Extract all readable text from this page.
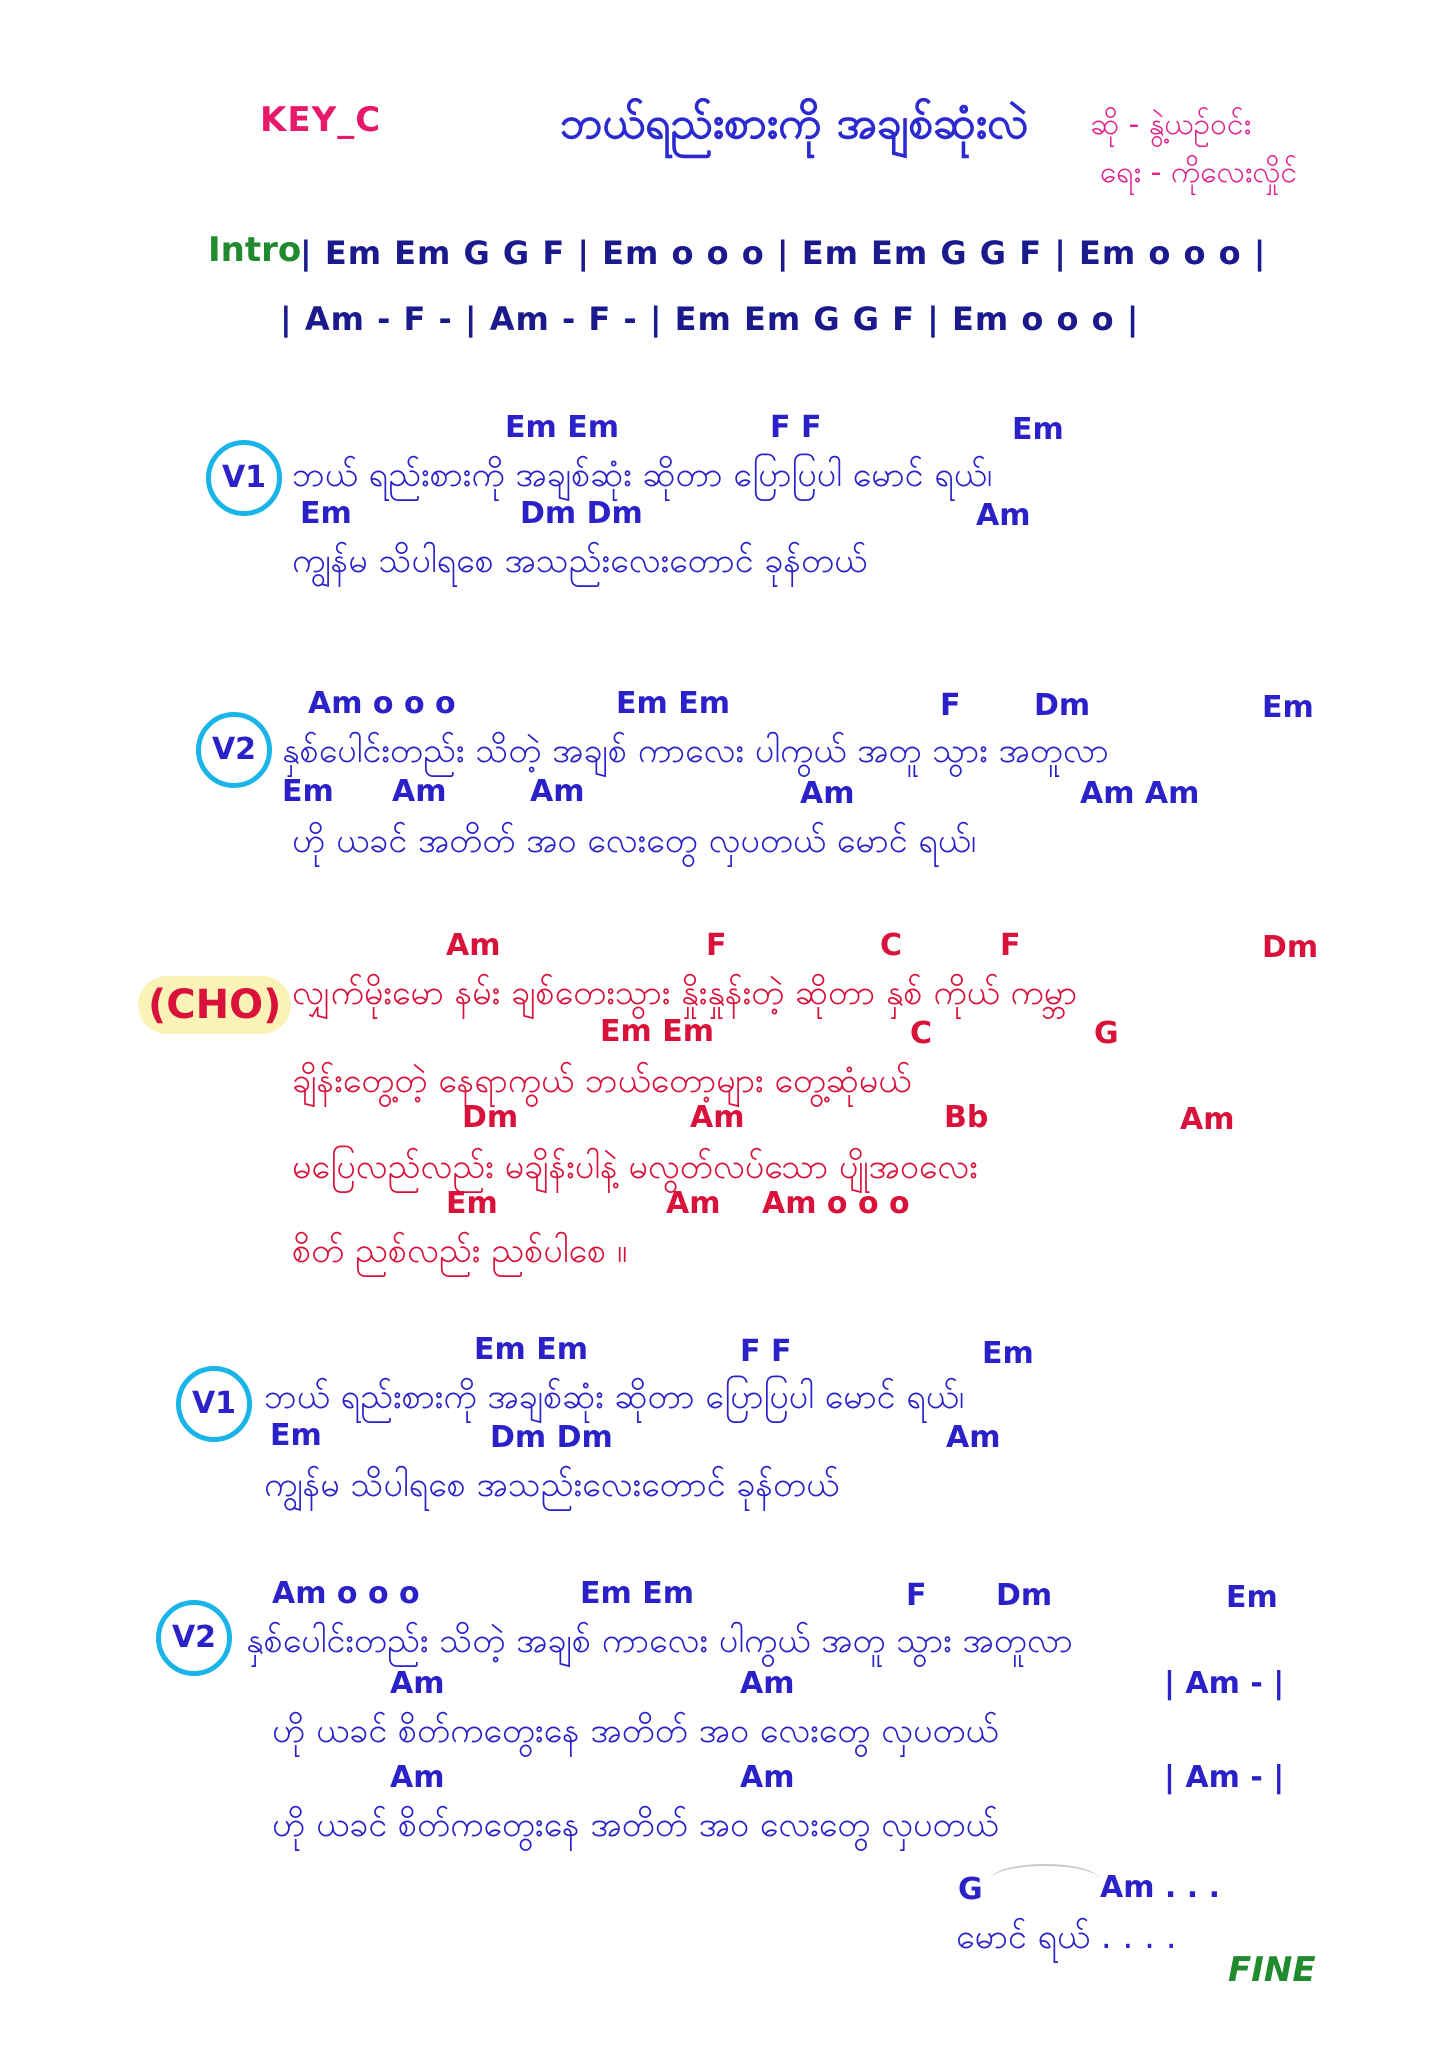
KEY_C	ဘယ်ရည်းစားကို အချစ်ဆုံးလဲ ဆို - နွဲ့ယဉ်ဝင်း
ရေး - ကိုလေးလှိုင်
Intro
| Em Em G G F | Em o o o | Em Em G G F | Em o o o |
| Am - F - | Am - F - | Em Em G G F | Em o o o |
V1
Em Em	F F	Em
ဘယ် ရည်းစားကို အချစ်ဆုံး ဆိုတာ ပြောပြပါ မောင် ရယ်၊
Em	Dm Dm	Am
ကျွန်မ သိပါရစေ အသည်းလေးတောင် ခုန်တယ်
V2
Am o o o	Em Em	F Dm	Em
နှစ်ပေါင်းတည်း သိတဲ့ အချစ် ကာလေး ပါကွယ် အတူ သွား အတူလာ
Em Am	Am	Am	Am Am
ဟို ယခင် အတိတ် အဝ လေးတွေ လှပတယ် မောင် ရယ်၊
(CHO)
Am	F	C	F	Dm
လျှက်မိုးမော နမ်း ချစ်တေးသွား နှိုးနှုန်းတဲ့ ဆိုတာ နှစ် ကိုယ် ကမ္ဘာ
Em Em	C	G
ချိန်းတွေ့တဲ့ နေရာကွယ် ဘယ်တော့များ တွေ့ဆုံမယ်
Dm	Am	Bb	Am
မပြေလည်လည်း မချိန်းပါနဲ့ မလွတ်လပ်သော ပျိုအဝလေး
Em	Am Am o o o
စိတ် ညစ်လည်း ညစ်ပါစေ ။
V1
Em Em	F F	Em
ဘယ် ရည်းစားကို အချစ်ဆုံး ဆိုတာ ပြောပြပါ မောင် ရယ်၊
Em	Dm Dm	Am
ကျွန်မ သိပါရစေ အသည်းလေးတောင် ခုန်တယ်
V2
Am o o o	Em Em	F Dm	Em
နှစ်ပေါင်းတည်း သိတဲ့ အချစ် ကာလေး ပါကွယ် အတူ သွား အတူလာ
Am	Am	| Am - |
ဟို ယခင် စိတ်ကတွေးနေ အတိတ် အဝ လေးတွေ လှပတယ်
Am	Am	| Am - |
ဟို ယခင် စိတ်ကတွေးနေ အတိတ် အဝ လေးတွေ လှပတယ်
G	Am . . .
မောင် ရယ် . . . .
FINE
